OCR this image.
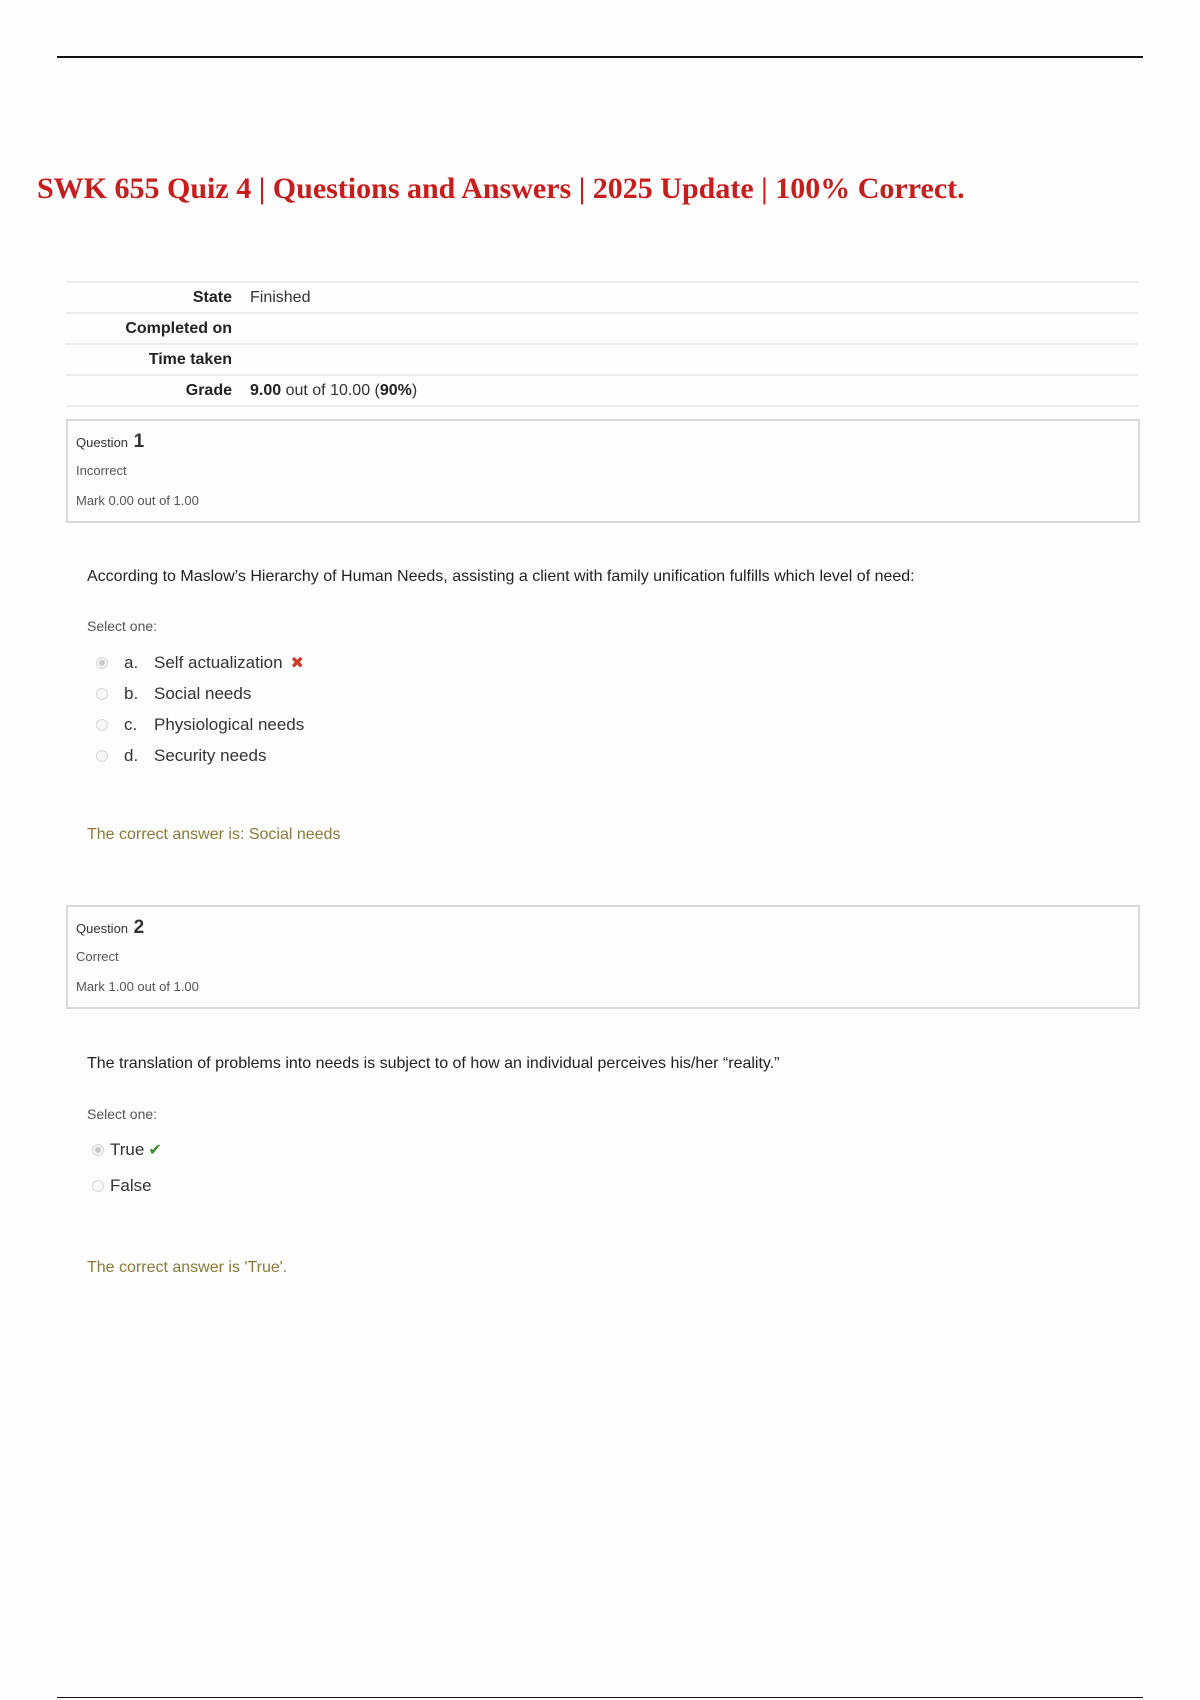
SWK 655 Quiz 4 | Questions and Answers | 2025 Update | 100% Correct.
State	Finished
Completed on
Time taken
Grade	9.00 out of 10.00 (90%)
Question 1
Incorrect
Mark 0.00 out of 1.00
According to Maslow’s Hierarchy of Human Needs, assisting a client with family unification fulfills which level of need:
Select one:
a. Self actualization ✖
b. Social needs
c. Physiological needs
d. Security needs
The correct answer is: Social needs
Question 2
Correct
Mark 1.00 out of 1.00
The translation of problems into needs is subject to of how an individual perceives his/her “reality.”
Select one:
True ✔
False
The correct answer is 'True'.
